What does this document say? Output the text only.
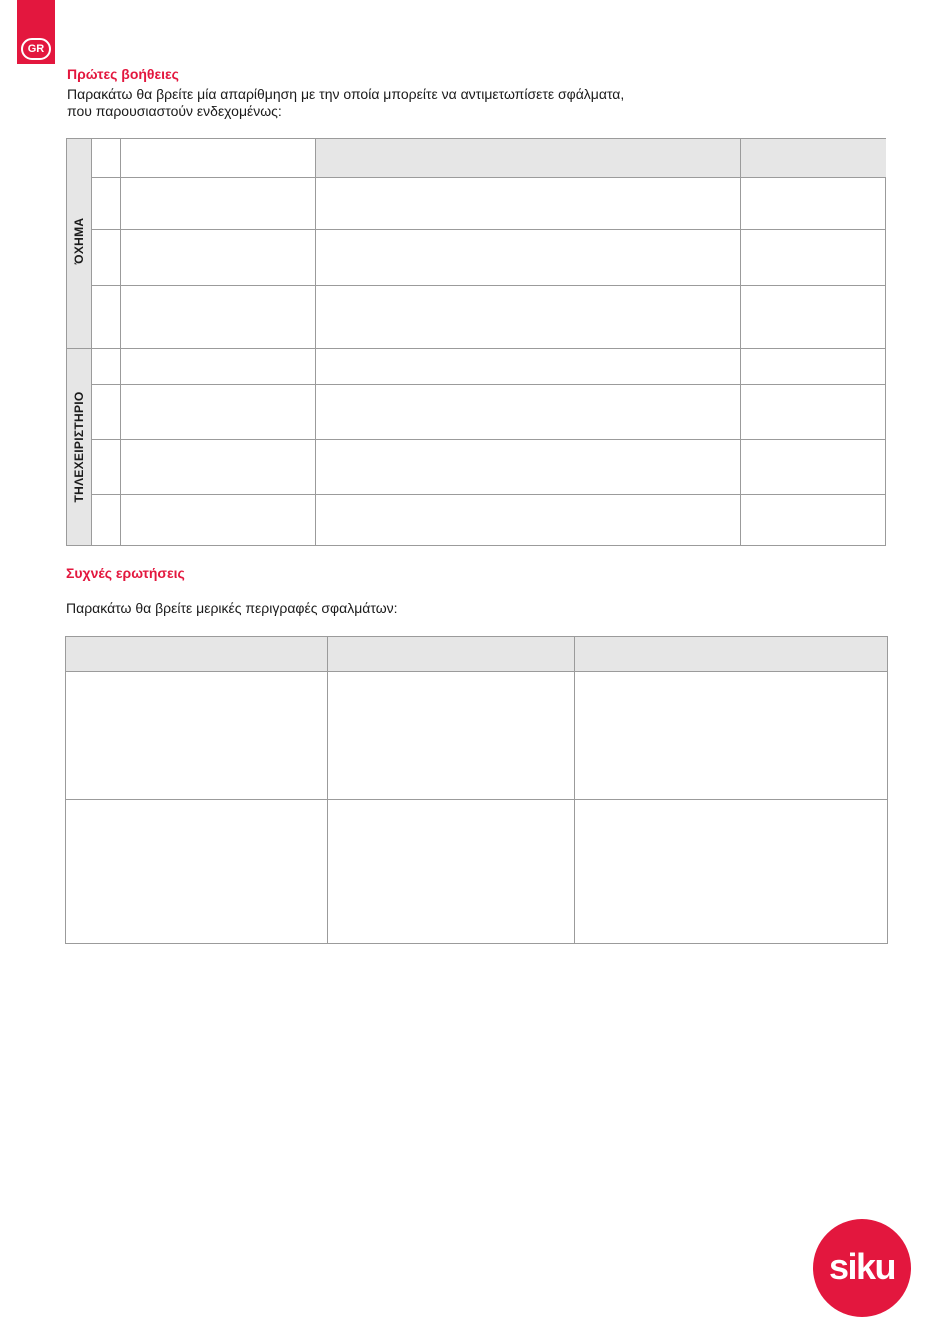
GR
Πρώτες βοήθειες
Παρακάτω θα βρείτε μία απαρίθμηση με την οποία μπορείτε να αντιμετωπίσετε σφάλματα,
που παρουσιαστούν ενδεχομένως:
ΌΧΗΜΑ
ΤΗΛΕΧΕΙΡΙΣΤΗΡΙΟ
Συχνές ερωτήσεις
Παρακάτω θα βρείτε μερικές περιγραφές σφαλμάτων:
siku
